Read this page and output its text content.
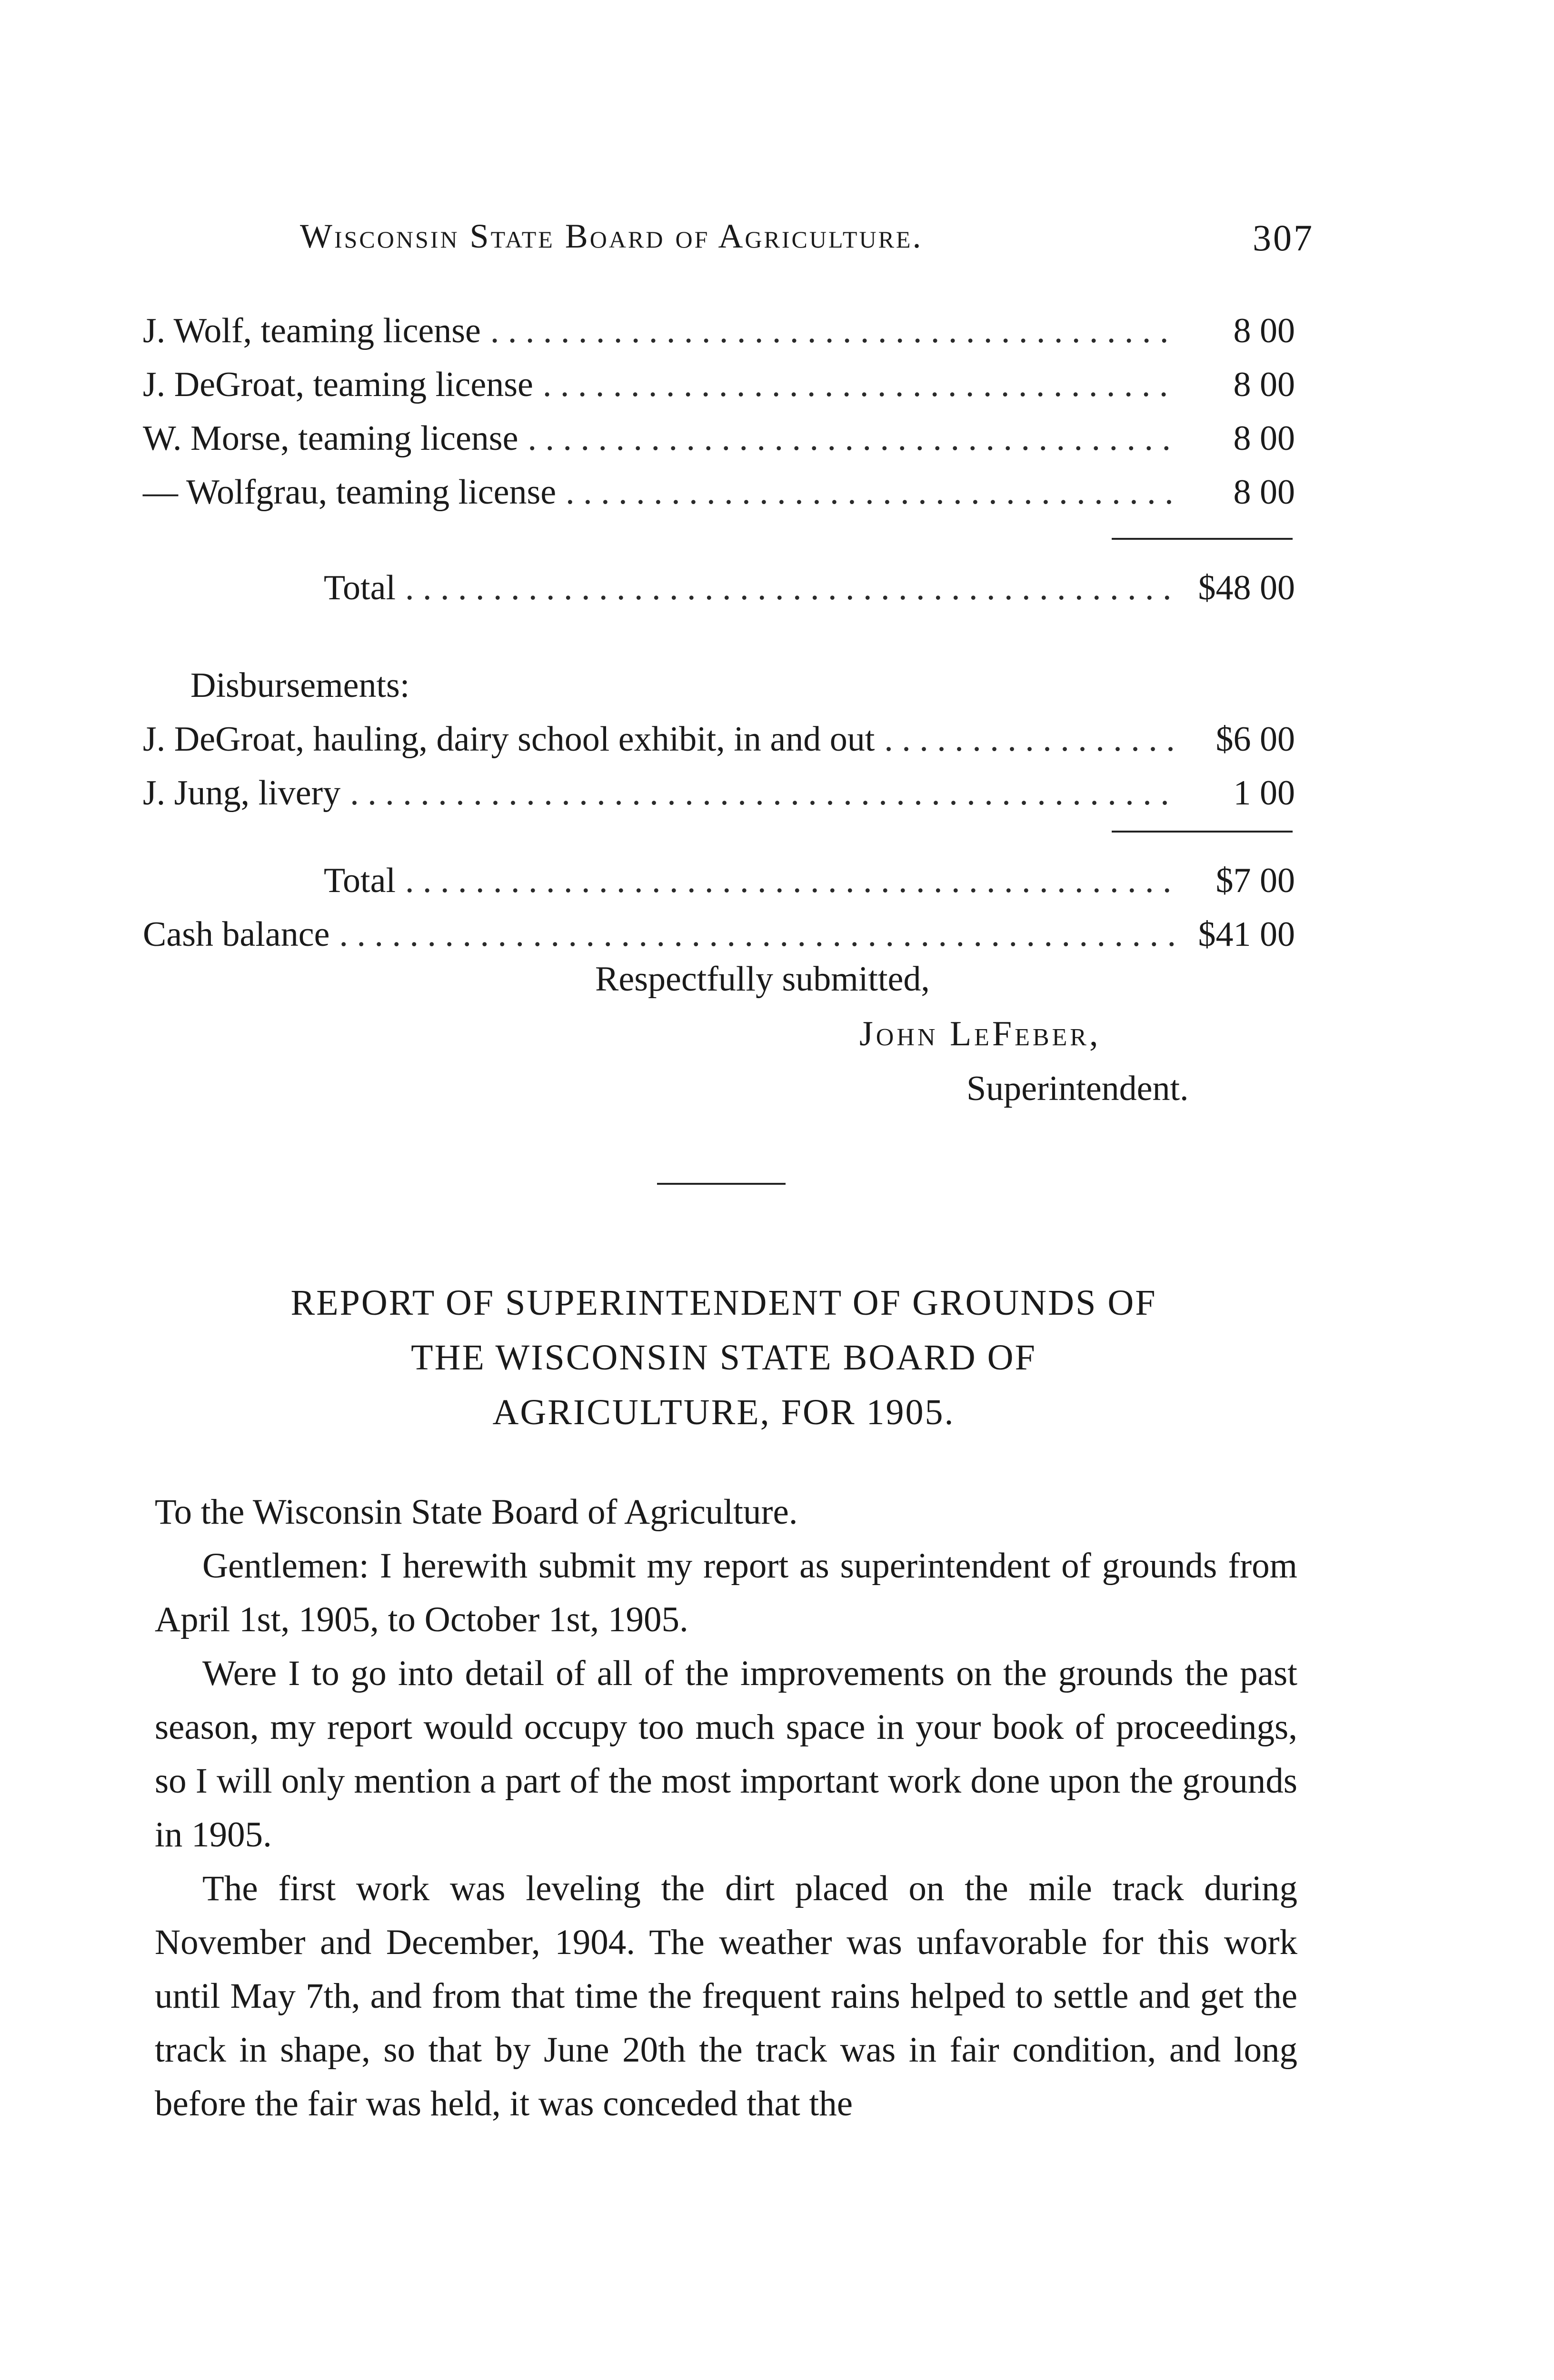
Wisconsin State Board of Agriculture.	307
J. Wolf, teaming license . . .	8 00
J. DeGroat, teaming license . . .	8 00
W. Morse, teaming license . . .	8 00
— Wolfgrau, teaming license . . .	8 00
Total . . .	$48 00
Disbursements:
J. DeGroat, hauling, dairy school exhibit, in and out . . .	$6 00
J. Jung, livery . . .	1 00
Total . . .	$7 00
Cash balance . . .	$41 00
Respectfully submitted,
John LeFeber,
Superintendent.
REPORT OF SUPERINTENDENT OF GROUNDS OF
THE WISCONSIN STATE BOARD OF
AGRICULTURE, FOR 1905.

To the Wisconsin State Board of Agriculture.

Gentlemen: I herewith submit my report as superintendent of grounds from April 1st, 1905, to October 1st, 1905.

Were I to go into detail of all of the improvements on the grounds the past season, my report would occupy too much space in your book of proceedings, so I will only mention a part of the most important work done upon the grounds in 1905.

The first work was leveling the dirt placed on the mile track during November and December, 1904. The weather was unfavorable for this work until May 7th, and from that time the frequent rains helped to settle and get the track in shape, so that by June 20th the track was in fair condition, and long before the fair was held, it was conceded that the
